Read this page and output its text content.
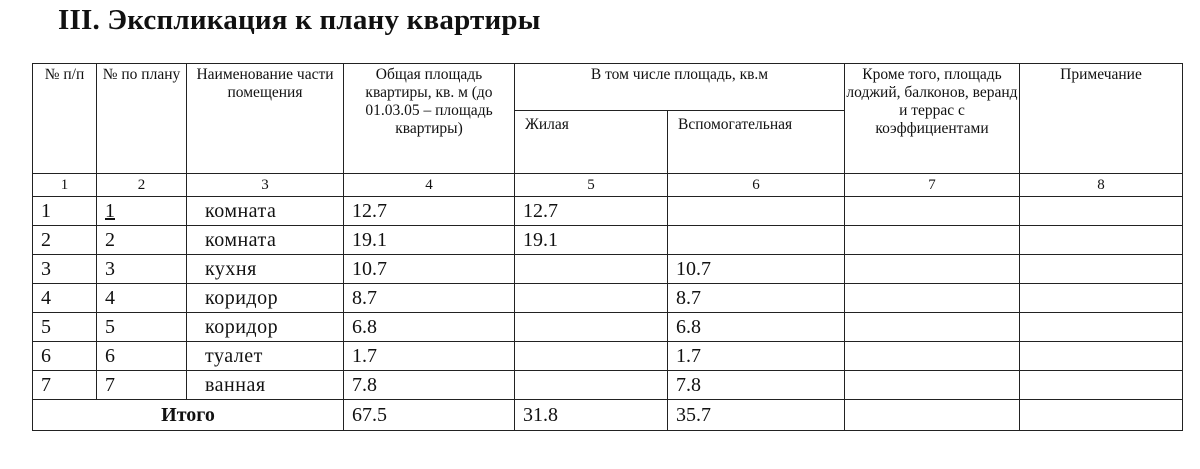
III. Экспликация к плану квартиры
№ п/п	№ по плану	Наименование части помещения	Общая площадь квартиры, кв. м (до 01.03.05 – площадь квартиры)	В том числе площадь, кв.м		Кроме того, площадь лоджий, балконов, веранд и террас с коэффициентами	Примечание
				Жилая	Вспомогательная		
1	2	3	4	5	6	7	8
1	1	комната	12.7	12.7			
2	2	комната	19.1	19.1			
3	3	кухня	10.7		10.7		
4	4	коридор	8.7		8.7		
5	5	коридор	6.8		6.8		
6	6	туалет	1.7		1.7		
7	7	ванная	7.8		7.8		
Итого			67.5	31.8	35.7		
